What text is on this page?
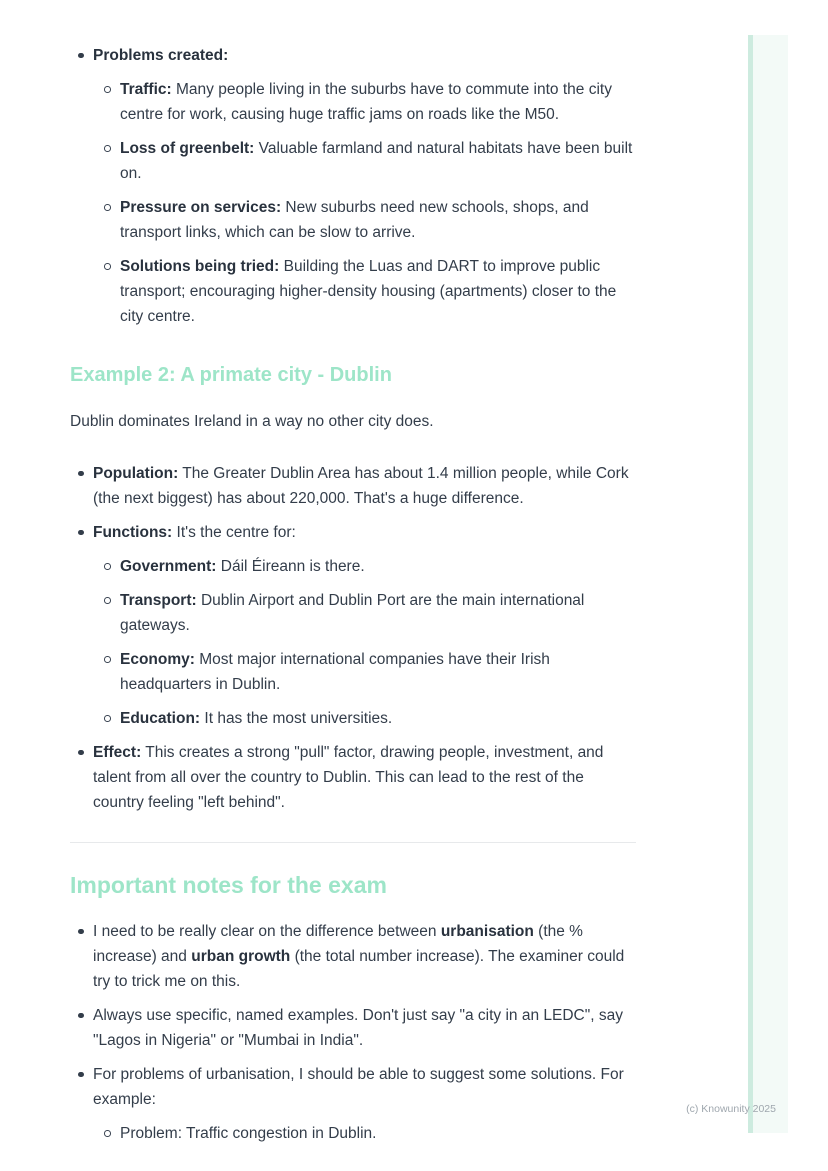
Problems created:
Traffic: Many people living in the suburbs have to commute into the city centre for work, causing huge traffic jams on roads like the M50.
Loss of greenbelt: Valuable farmland and natural habitats have been built on.
Pressure on services: New suburbs need new schools, shops, and transport links, which can be slow to arrive.
Solutions being tried: Building the Luas and DART to improve public transport; encouraging higher-density housing (apartments) closer to the city centre.
Example 2: A primate city - Dublin

Dublin dominates Ireland in a way no other city does.

Population: The Greater Dublin Area has about 1.4 million people, while Cork (the next biggest) has about 220,000. That's a huge difference.
Functions: It's the centre for:
Government: Dáil Éireann is there.
Transport: Dublin Airport and Dublin Port are the main international gateways.
Economy: Most major international companies have their Irish headquarters in Dublin.
Education: It has the most universities.
Effect: This creates a strong "pull" factor, drawing people, investment, and talent from all over the country to Dublin. This can lead to the rest of the country feeling "left behind".
Important notes for the exam
I need to be really clear on the difference between urbanisation (the % increase) and urban growth (the total number increase). The examiner could try to trick me on this.
Always use specific, named examples. Don't just say "a city in an LEDC", say "Lagos in Nigeria" or "Mumbai in India".
For problems of urbanisation, I should be able to suggest some solutions. For example:
Problem: Traffic congestion in Dublin.
(c) Knowunity 2025
